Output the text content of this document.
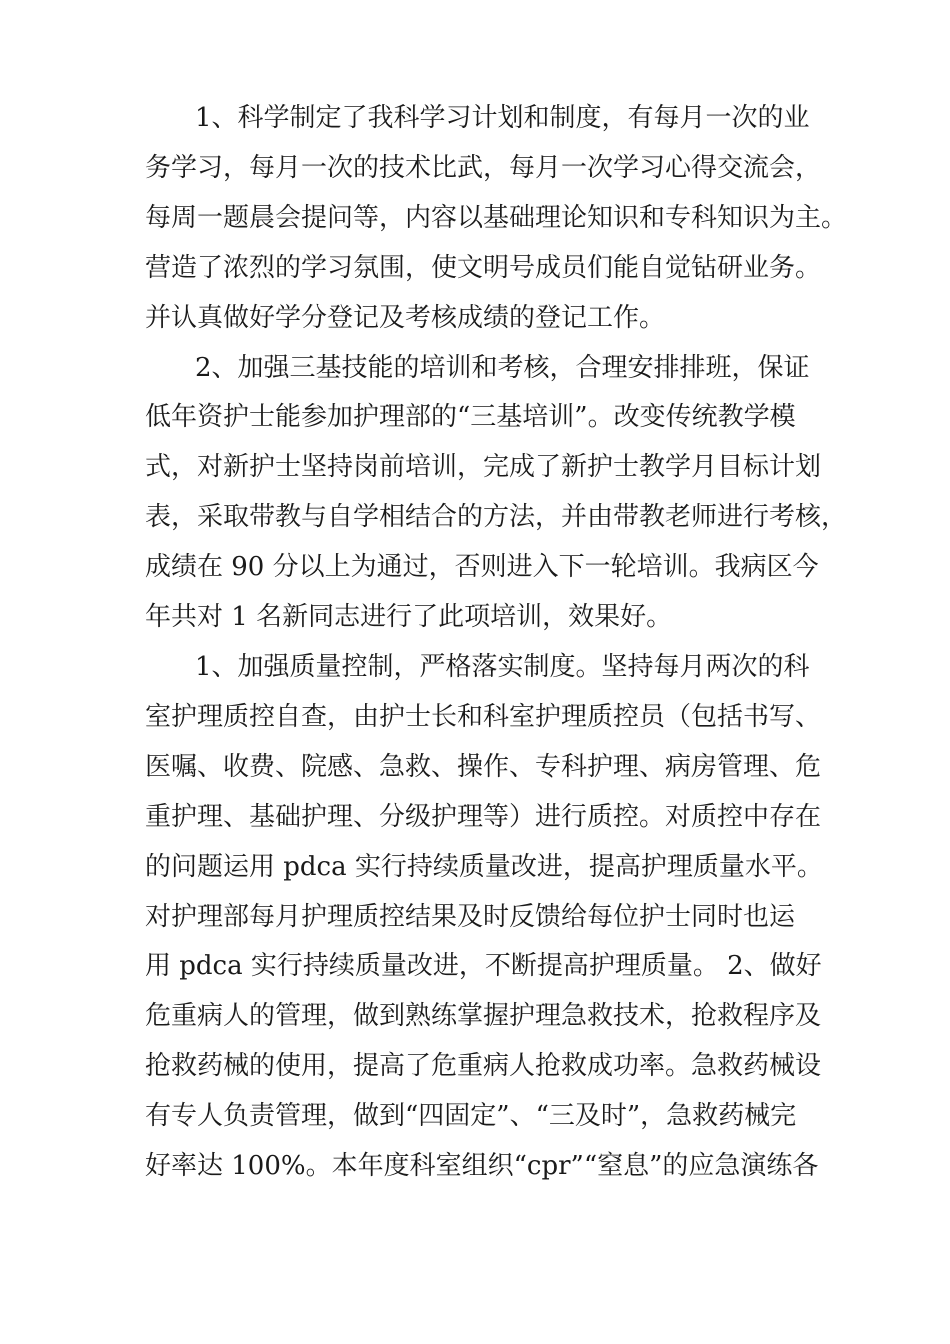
1、科学制定了我科学习计划和制度，有每月一次的业
务学习，每月一次的技术比武，每月一次学习心得交流会，
每周一题晨会提问等，内容以基础理论知识和专科知识为主。
营造了浓烈的学习氛围，使文明号成员们能自觉钻研业务。
并认真做好学分登记及考核成绩的登记工作。
2、加强三基技能的培训和考核，合理安排排班，保证
低年资护士能参加护理部的“三基培训”。改变传统教学模
式，对新护士坚持岗前培训，完成了新护士教学月目标计划
表，采取带教与自学相结合的方法，并由带教老师进行考核，
成绩在 90 分以上为通过，否则进入下一轮培训。我病区今
年共对 1 名新同志进行了此项培训，效果好。
1、加强质量控制，严格落实制度。坚持每月两次的科
室护理质控自查，由护士长和科室护理质控员（包括书写、
医嘱、收费、院感、急救、操作、专科护理、病房管理、危
重护理、基础护理、分级护理等）进行质控。对质控中存在
的问题运用 pdca 实行持续质量改进，提高护理质量水平。
对护理部每月护理质控结果及时反馈给每位护士同时也运
用 pdca 实行持续质量改进，不断提高护理质量。 2、做好
危重病人的管理，做到熟练掌握护理急救技术，抢救程序及
抢救药械的使用，提高了危重病人抢救成功率。急救药械设
有专人负责管理，做到“四固定”、“三及时”，急救药械完
好率达 100%。本年度科室组织“cpr”“窒息”的应急演练各
